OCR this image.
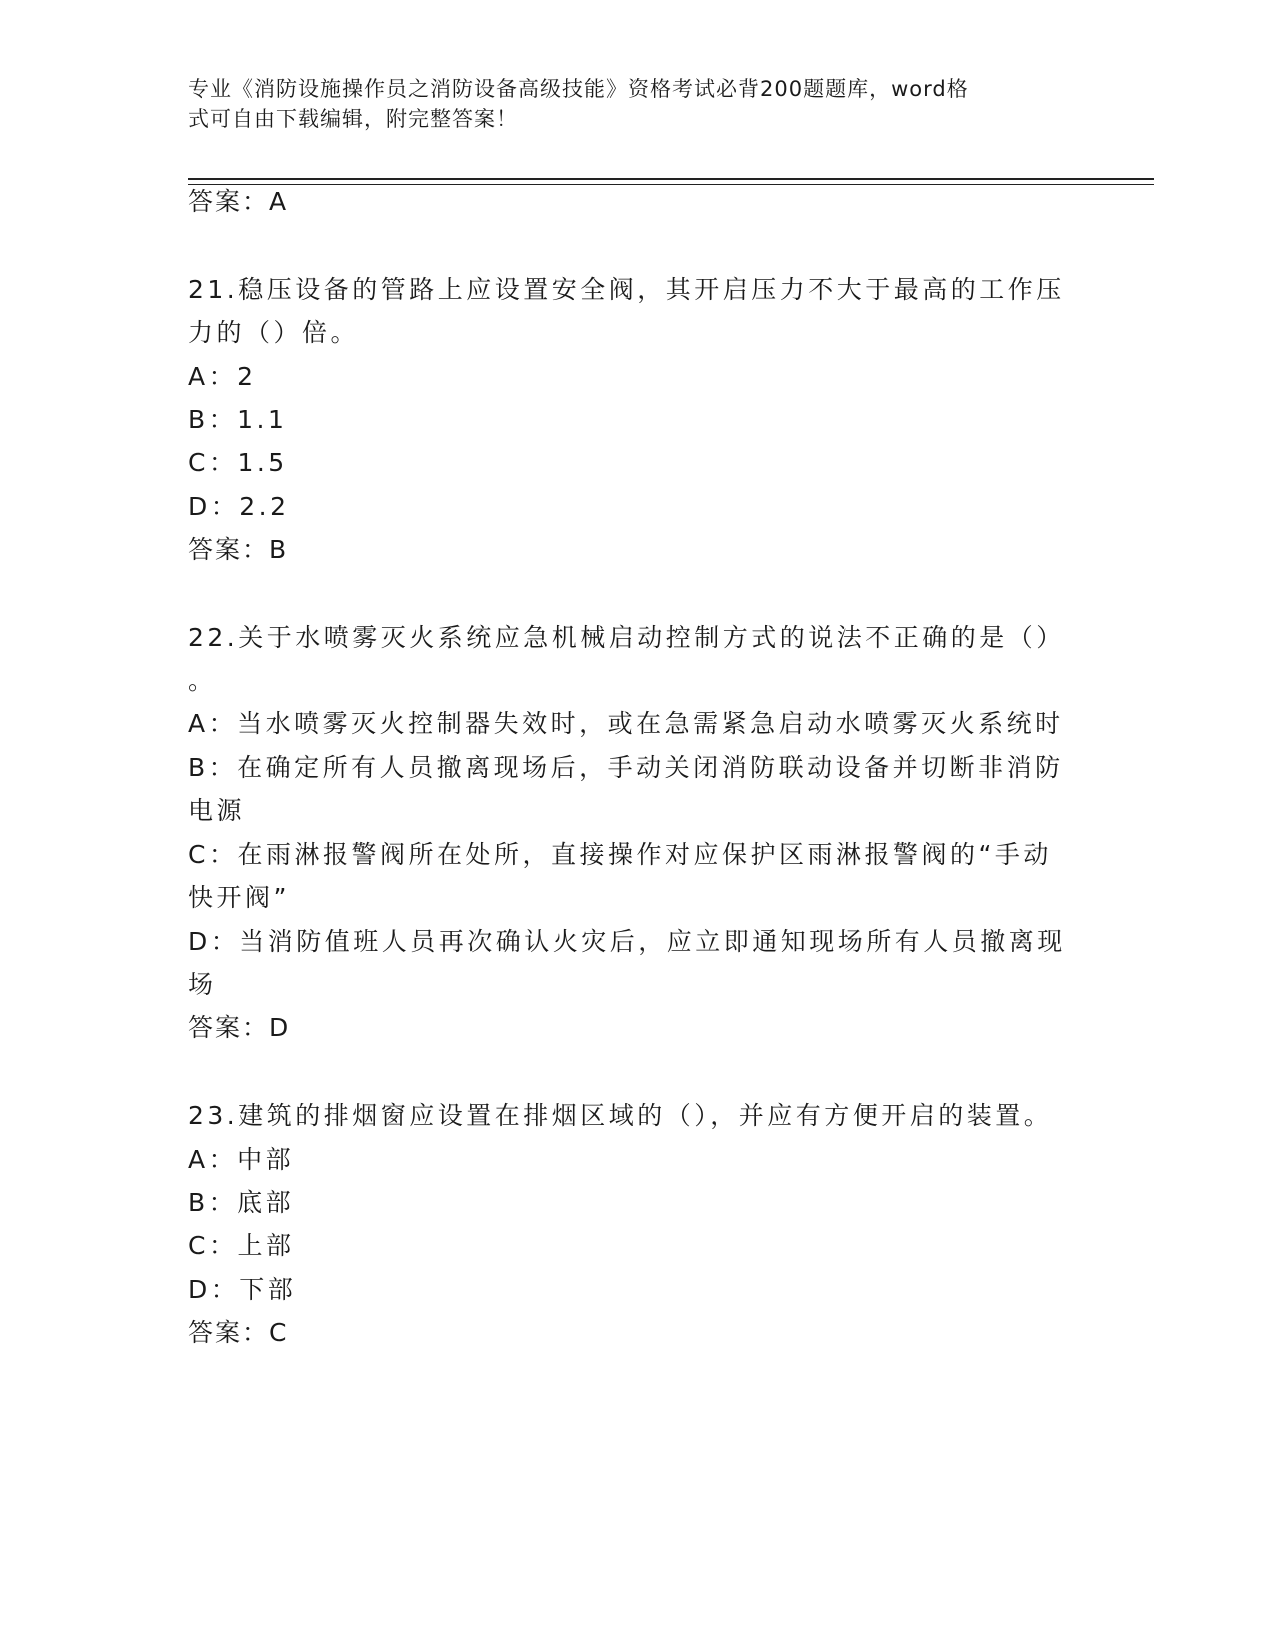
专业《消防设施操作员之消防设备高级技能》资格考试必背200题题库，word格
式可自由下载编辑，附完整答案！
答案：A
21.稳压设备的管路上应设置安全阀，其开启压力不大于最高的工作压
力的（）倍。
A：2
B：1.1
C：1.5
D：2.2
答案：B
22.关于水喷雾灭火系统应急机械启动控制方式的说法不正确的是（）
。
A：当水喷雾灭火控制器失效时，或在急需紧急启动水喷雾灭火系统时
B：在确定所有人员撤离现场后，手动关闭消防联动设备并切断非消防
电源
C：在雨淋报警阀所在处所，直接操作对应保护区雨淋报警阀的“手动
快开阀”
D：当消防值班人员再次确认火灾后，应立即通知现场所有人员撤离现
场
答案：D
23.建筑的排烟窗应设置在排烟区域的（），并应有方便开启的装置。
A：中部
B：底部
C：上部
D：下部
答案：C
